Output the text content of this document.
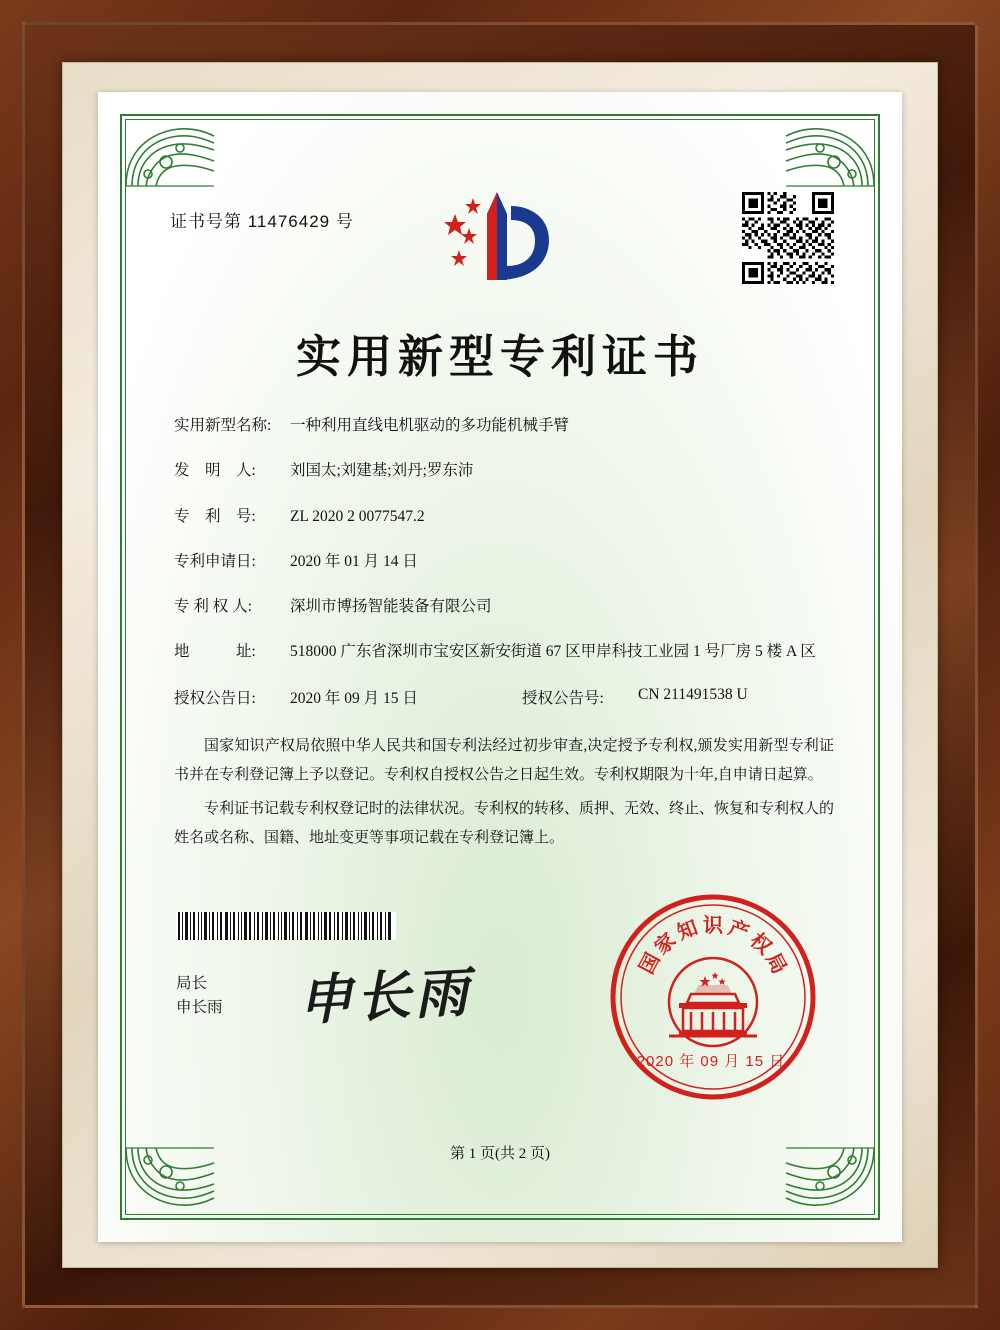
证书号第 11476429 号
实用新型专利证书
实用新型名称:	一种利用直线电机驱动的多功能机械手臂
发　明　人:	刘国太;刘建基;刘丹;罗东沛
专　利　号:	ZL 2020 2 0077547.2
专利申请日:	2020 年 01 月 14 日
专 利 权 人:	深圳市博扬智能装备有限公司
地　　　址:	518000 广东省深圳市宝安区新安街道 67 区甲岸科技工业园 1 号厂房 5 楼 A 区
授权公告日:	2020 年 09 月 15 日	授权公告号:	CN 211491538 U

国家知识产权局依照中华人民共和国专利法经过初步审查,决定授予专利权,颁发实用新型专利证书并在专利登记簿上予以登记。专利权自授权公告之日起生效。专利权期限为十年,自申请日起算。

专利证书记载专利权登记时的法律状况。专利权的转移、质押、无效、终止、恢复和专利权人的姓名或名称、国籍、地址变更等事项记载在专利登记簿上。

局长
申长雨 申长雨	国
家
知 识 产
权
局
2020 年 09 月 15 日
第 1 页(共 2 页)
